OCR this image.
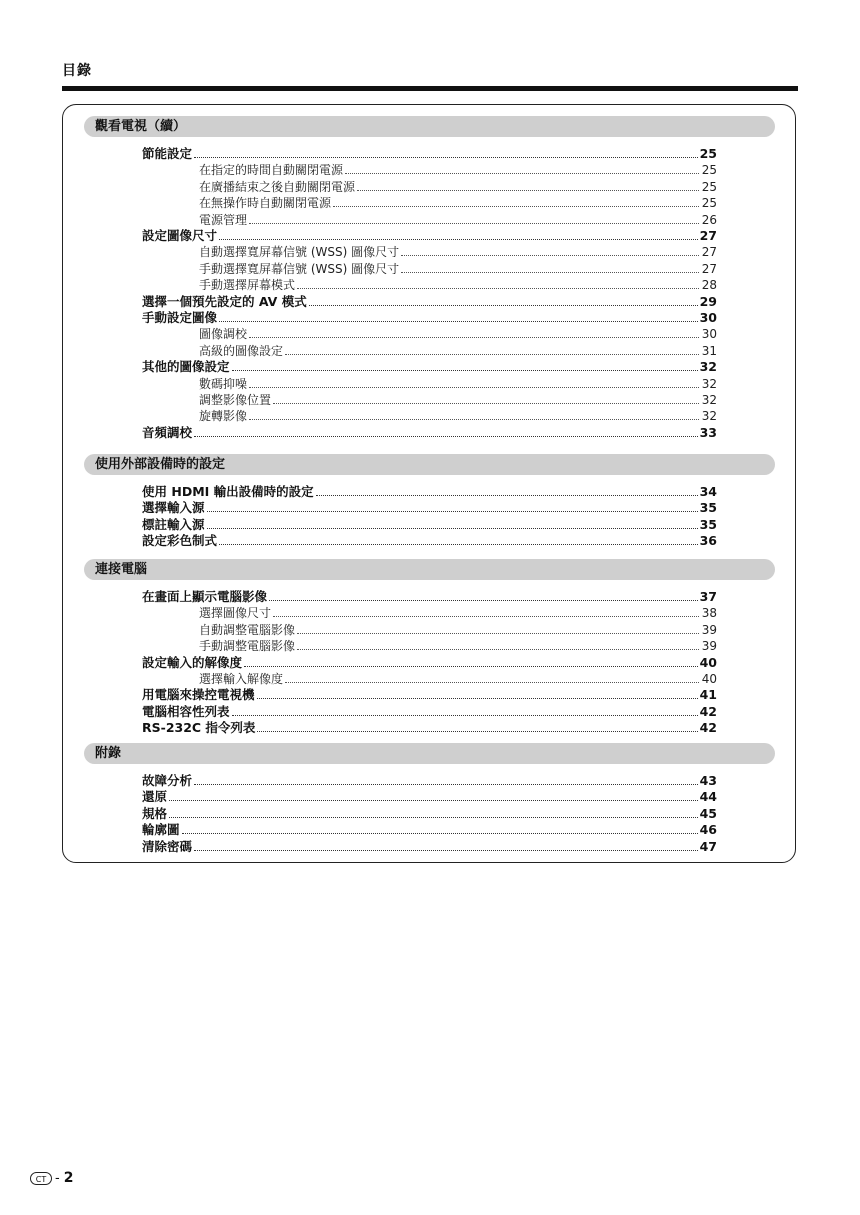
目錄
觀看電視（續）
節能設定	25
在指定的時間自動關閉電源	25
在廣播結束之後自動關閉電源	25
在無操作時自動關閉電源	25
電源管理	26
設定圖像尺寸	27
自動選擇寬屏幕信號 (WSS) 圖像尺寸	27
手動選擇寬屏幕信號 (WSS) 圖像尺寸	27
手動選擇屏幕模式	28
選擇一個預先設定的 AV 模式	29
手動設定圖像	30
圖像調校	30
高級的圖像設定	31
其他的圖像設定	32
數碼抑噪	32
調整影像位置	32
旋轉影像	32
音頻調校	33
使用外部設備時的設定
使用 HDMI 輸出設備時的設定	34
選擇輸入源	35
標註輸入源	35
設定彩色制式	36
連接電腦
在畫面上顯示電腦影像	37
選擇圖像尺寸	38
自動調整電腦影像	39
手動調整電腦影像	39
設定輸入的解像度	40
選擇輸入解像度	40
用電腦來操控電視機	41
電腦相容性列表	42
RS-232C 指令列表	42
附錄
故障分析	43
還原	44
規格	45
輪廓圖	46
清除密碼	47
CT - 2
